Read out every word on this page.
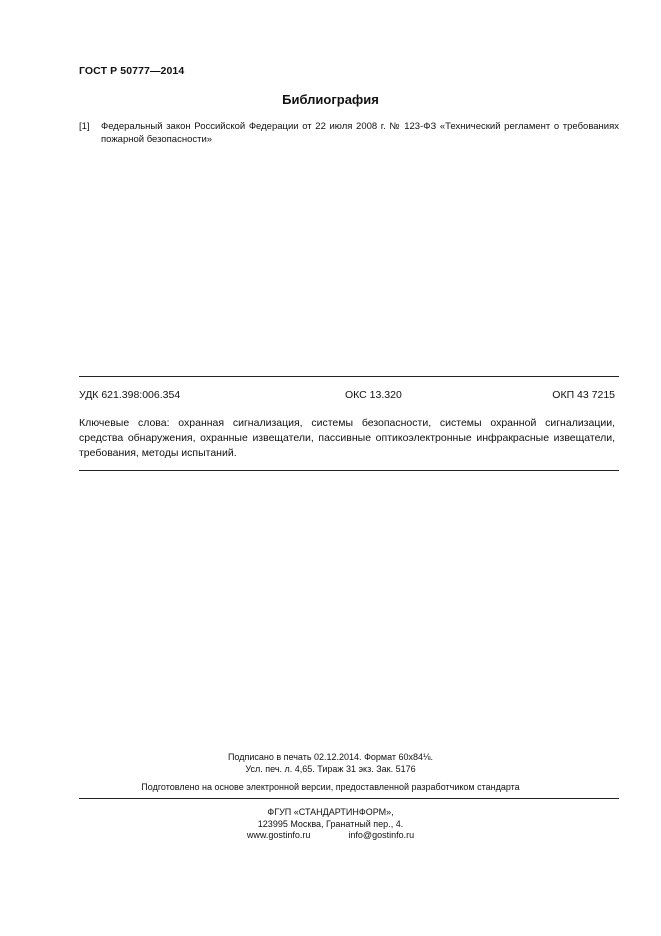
ГОСТ Р 50777—2014
Библиография
[1] Федеральный закон Российской Федерации от 22 июля 2008 г. № 123-ФЗ «Технический регламент о требованиях пожарной безопасности»
УДК 621.398:006.354	ОКС 13.320	ОКП 43 7215
Ключевые слова: охранная сигнализация, системы безопасности, системы охранной сигнализации, средства обнаружения, охранные извещатели, пассивные оптикоэлектронные инфракрасные извещатели, требования, методы испытаний.
Подписано в печать 02.12.2014. Формат 60х84⅛.
Усл. печ. л. 4,65. Тираж 31 экз. Зак. 5176
Подготовлено на основе электронной версии, предоставленной разработчиком стандарта
ФГУП «СТАНДАРТИНФОРМ»,
123995 Москва, Гранатный пер., 4.
www.gostinfo.ru	info@gostinfo.ru
